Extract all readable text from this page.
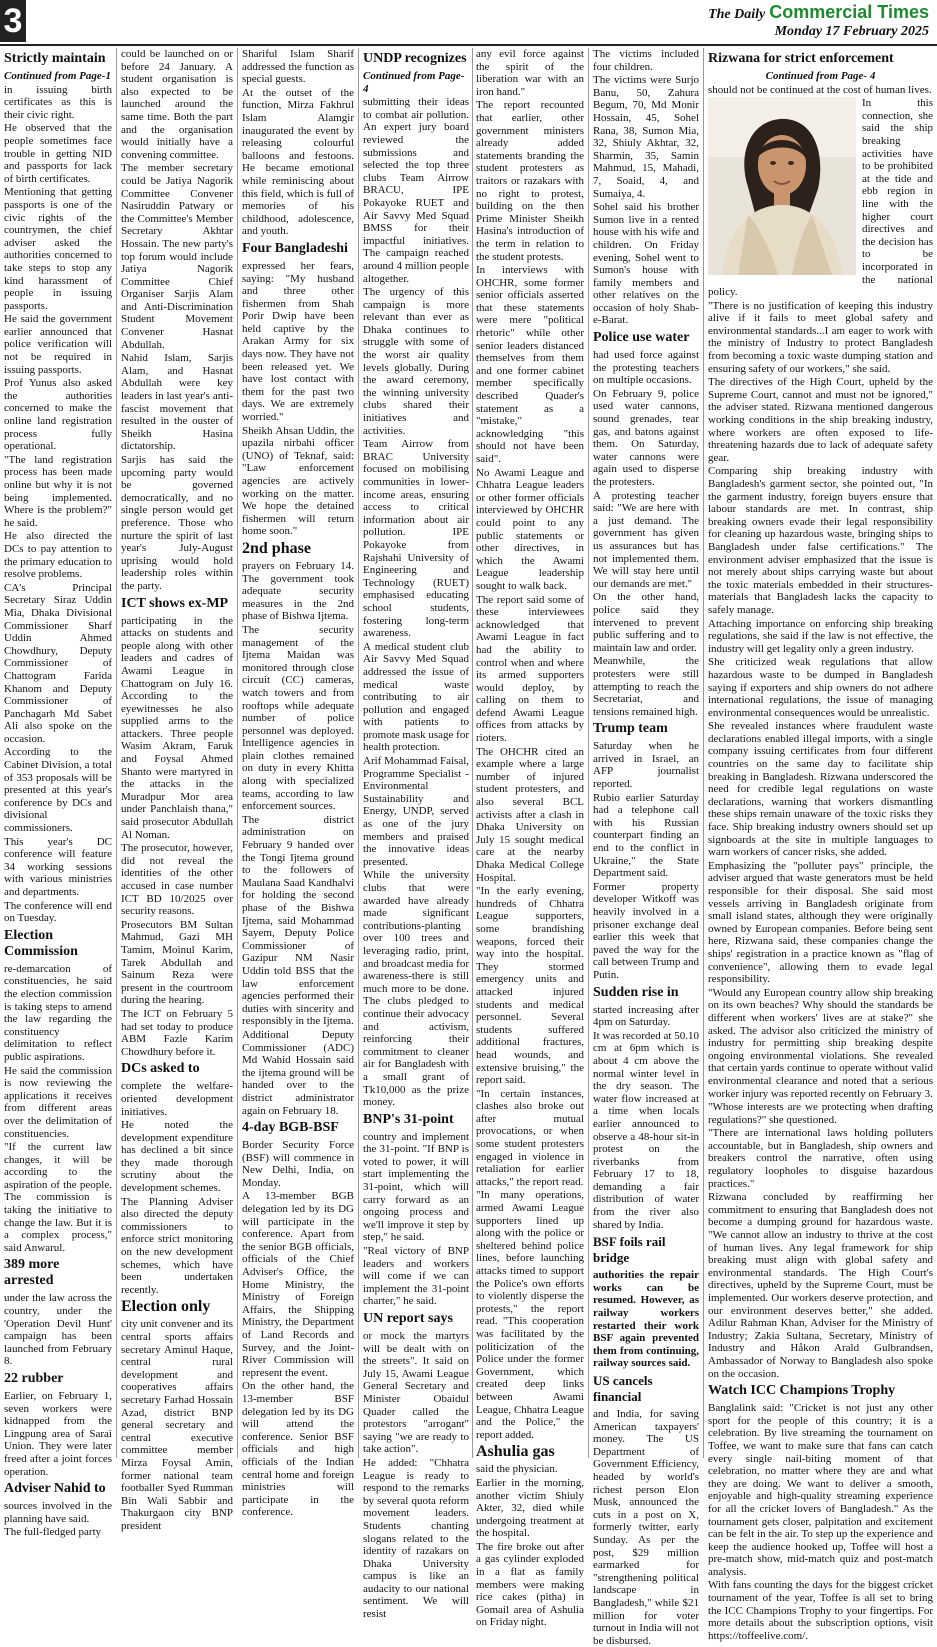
3	The Daily Commercial Times
Monday 17 February 2025
Strictly maintain

Continued from Page-1

in issuing birth certificates as this is their civic right.

He observed that the people sometimes face trouble in getting NID and passports for lack of birth certificates.

Mentioning that getting passports is one of the civic rights of the countrymen, the chief adviser asked the authorities concerned to take steps to stop any kind harassment of people in issuing passports.

He said the government earlier announced that police verification will not be required in issuing passports.

Prof Yunus also asked the authorities concerned to make the online land registration process fully operational.

"The land registration process has been made online but why it is not being implemented. Where is the problem?" he said.

He also directed the DCs to pay attention to the primary education to resolve problems.

CA's Principal Secretary Siraz Uddin Mia, Dhaka Divisional Commissioner Sharf Uddin Ahmed Chowdhury, Deputy Commissioner of Chattogram Farida Khanom and Deputy Commissioner of Panchagarh Md Sabet Ali also spoke on the occasion.

According to the Cabinet Division, a total of 353 proposals will be presented at this year's conference by DCs and divisional commissioners.

This year's DC conference will feature 34 working sessions with various ministries and departments.

The conference will end on Tuesday.

Election Commission

re-demarcation of constituencies, he said the election commission is taking steps to amend the law regarding the constituency delimitation to reflect public aspirations.

He said the commission is now reviewing the applications it receives from different areas over the delimitation of constituencies.

"If the current law changes, it will be according to the aspiration of the people. The commission is taking the initiative to change the law. But it is a complex process," said Anwarul.

389 more arrested

under the law across the country, under the 'Operation Devil Hunt' campaign has been launched from February 8.

22 rubber

Earlier, on February 1, seven workers were kidnapped from the Lingpung area of Sarai Union. They were later freed after a joint forces operation.

Adviser Nahid to

sources involved in the planning have said.

The full-fledged party

could be launched on or before 24 January. A student organisation is also expected to be launched around the same time. Both the part and the organisation would initially have a convening committee.

The member secretary could be Jatiya Nagorik Committee Convener Nasiruddin Patwary or the Committee's Member Secretary Akhtar Hossain. The new party's top forum would include Jatiya Nagorik Committee Chief Organiser Sarjis Alam and Anti-Discrimination Student Movement Convener Hasnat Abdullah.

Nahid Islam, Sarjis Alam, and Hasnat Abdullah were key leaders in last year's anti-fascist movement that resulted in the ouster of Sheikh Hasina dictatorship.

Sarjis has said the upcoming party would be governed democratically, and no single person would get preference. Those who nurture the spirit of last year's July-August uprising would hold leadership roles within the party.

ICT shows ex-MP

participating in the attacks on students and people along with other leaders and cadres of Awami League in Chattogram on July 16. According to the eyewitnesses he also supplied arms to the attackers. Three people Wasim Akram, Faruk and Foysal Ahmed Shanto were martyred in the attacks in the Muradpur Mor area under Panchlaish thana," said prosecutor Abdullah Al Noman.

The prosecutor, however, did not reveal the identities of the other accused in case number ICT BD 10/2025 over security reasons.

Prosecutors BM Sultan Mahmud, Gazi MH Tamim, Moinul Karim, Tarek Abdullah and Sainum Reza were present in the courtroom during the hearing.

The ICT on February 5 had set today to produce ABM Fazle Karim Chowdhury before it.

DCs asked to

complete the welfare-oriented development initiatives.

He noted the development expenditure has declined a bit since they made thorough scrutiny about the development schemes.

The Planning Adviser also directed the deputy commissioners to enforce strict monitoring on the new development schemes, which have been undertaken recently.

Election only

city unit convener and its central sports affairs secretary Aminul Haque, central rural development and cooperatives affairs secretary Farhad Hossain Azad, district BNP general secretary and central executive committee member Mirza Foysal Amin, former national team footballer Syed Rumman Bin Wali Sabbir and Thakurgaon city BNP president

Shariful Islam Sharif addressed the function as special guests.

At the outset of the function, Mirza Fakhrul Islam Alamgir inaugurated the event by releasing colourful balloons and festoons. He became emotional while reminiscing about this field, which is full of memories of his childhood, adolescence, and youth.

Four Bangladeshi

expressed her fears, saying: "My husband and three other fishermen from Shah Porir Dwip have been held captive by the Arakan Army for six days now. They have not been released yet. We have lost contact with them for the past two days. We are extremely worried."

Sheikh Ahsan Uddin, the upazila nirbahi officer (UNO) of Teknaf, said: "Law enforcement agencies are actively working on the matter. We hope the detained fishermen will return home soon."

2nd phase

prayers on February 14. The government took adequate security measures in the 2nd phase of Bishwa Ijtema.

The security management of the Ijtema Maidan was monitored through close circuit (CC) cameras, watch towers and from rooftops while adequate number of police personnel was deployed. Intelligence agencies in plain clothes remained on duty in every Khitta along with specialized teams, according to law enforcement sources.

The district administration on February 9 handed over the Tongi Ijtema ground to the followers of Maulana Saad Kandhalvi for holding the second phase of the Bishwa Ijtema, said Mohammad Sayem, Deputy Police Commissioner of Gazipur NM Nasir Uddin told BSS that the law enforcement agencies performed their duties with sincerity and responsibly in the Ijtema.

Additional Deputy Commissioner (ADC) Md Wahid Hossain said the ijtema ground will be handed over to the district administrator again on February 18.

4-day BGB-BSF

Border Security Force (BSF) will commence in New Delhi, India, on Monday.

A 13-member BGB delegation led by its DG will participate in the conference. Apart from the senior BGB officials, officials of the Chief Adviser's Office, the Home Ministry, the Ministry of Foreign Affairs, the Shipping Ministry, the Department of Land Records and Survey, and the Joint-River Commission will represent the event.

On the other hand, the 13-member BSF delegation led by its DG will attend the conference. Senior BSF officials and high officials of the Indian central home and foreign ministries will participate in the conference.

UNDP recognizes

Continued from Page- 4

submitting their ideas to combat air pollution. An expert jury board reviewed the submissions and selected the top three clubs Team Airrow BRACU, IPE Pokayoke RUET and Air Savvy Med Squad BMSS for their impactful initiatives. The campaign reached around 4 million people altogether.

The urgency of this campaign is more relevant than ever as Dhaka continues to struggle with some of the worst air quality levels globally. During the award ceremony, the winning university clubs shared their initiatives and activities.

Team Airrow from BRAC University focused on mobilising communities in lower-income areas, ensuring access to critical information about air pollution. IPE Pokayoke from Rajshahi University of Engineering and Technology (RUET) emphasised educating school students, fostering long-term awareness.

A medical student club Air Savvy Med Squad addressed the issue of medical waste contributing to air pollution and engaged with patients to promote mask usage for health protection.

Arif Mohammad Faisal, Programme Specialist - Environmental Sustainability and Energy, UNDP, served as one of the jury members and praised the innovative ideas presented.

While the university clubs that were awarded have already made significant contributions-planting over 100 trees and leveraging radio, print, and broadcast media for awareness-there is still much more to be done. The clubs pledged to continue their advocacy and activism, reinforcing their commitment to cleaner air for Bangladesh with a small grant of Tk10,000 as the prize money.

BNP's 31-point

country and implement the 31-point. "If BNP is voted to power, it will start implementing the 31-point, which will carry forward as an ongoing process and we'll improve it step by step," he said.

"Real victory of BNP leaders and workers will come if we can implement the 31-point charter," he said.

UN report says

or mock the martyrs will be dealt with on the streets". It said on July 15, Awami League General Secretary and Minister Obaidul Quader called the protestors "arrogant" saying "we are ready to take action".

He added: "Chhatra League is ready to respond to the remarks by several quota reform movement leaders. Students chanting slogans related to the identity of razakars on Dhaka University campus is like an audacity to our national sentiment. We will resist

any evil force against the spirit of the liberation war with an iron hand."

The report recounted that earlier, other government ministers already added statements branding the student protesters as traitors or razakars with no right to protest, building on the then Prime Minister Sheikh Hasina's introduction of the term in relation to the student protests.

In interviews with OHCHR, some former senior officials asserted that these statements were mere "political rhetoric" while other senior leaders distanced themselves from them and one former cabinet member specifically described Quader's statement as a "mistake," acknowledging "this should not have been said".

No Awami League and Chhatra League leaders or other former officials interviewed by OHCHR could point to any public statements or other directives, in which the Awami League leadership sought to walk back.

The report said some of these interviewees acknowledged that Awami League in fact had the ability to control when and where its armed supporters would deploy, by calling on them to defend Awami League offices from attacks by rioters.

The OHCHR cited an example where a large number of injured student protesters, and also several BCL activists after a clash in Dhaka University on July 15 sought medical care at the nearby Dhaka Medical College Hospital.

"In the early evening, hundreds of Chhatra League supporters, some brandishing weapons, forced their way into the hospital. They stormed emergency units and attacked injured students and medical personnel. Several students suffered additional fractures, head wounds, and extensive bruising," the report said.

"In certain instances, clashes also broke out after mutual provocations, or when some student protesters engaged in violence in retaliation for earlier attacks," the report read.

"In many operations, armed Awami League supporters lined up along with the police or sheltered behind police lines, before launching attacks timed to support the Police's own efforts to violently disperse the protests," the report read. "This cooperation was facilitated by the politicization of the Police under the former Government, which created deep links between Awami League, Chhatra League and the Police," the report added.

Ashulia gas

said the physician.

Earlier in the morning, another victim Shiuly Akter, 32, died while undergoing treatment at the hospital.

The fire broke out after a gas cylinder exploded in a flat as family members were making rice cakes (pitha) in Gomail area of Ashulia on Friday night.

The victims included four children.

The victims were Surjo Banu, 50, Zahura Begum, 70, Md Monir Hossain, 45, Sohel Rana, 38, Sumon Mia, 32, Shiuly Akhtar, 32, Sharmin, 35, Samin Mahmud, 15, Mahadi, 7, Soaid, 4, and Sumaiya, 4.

Sohel said his brother Sumon live in a rented house with his wife and children. On Friday evening, Sohel went to Sumon's house with family members and other relatives on the occasion of holy Shab-e-Barat.

Police use water

had used force against the protesting teachers on multiple occasions.

On February 9, police used water cannons, sound grenades, tear gas, and batons against them. On Saturday, water cannons were again used to disperse the protesters.

A protesting teacher said: "We are here with a just demand. The government has given us assurances but has not implemented them. We will stay here until our demands are met."

On the other hand, police said they intervened to prevent public suffering and to maintain law and order.

Meanwhile, the protesters were still attempting to reach the Secretariat, and tensions remained high.

Trump team

Saturday when he arrived in Israel, an AFP journalist reported.

Rubio earlier Saturday had a telephone call with his Russian counterpart finding an end to the conflict in Ukraine," the State Department said.

Former property developer Witkoff was heavily involved in a prisoner exchange deal earlier this week that paved the way for the call between Trump and Putin.

Sudden rise in

started increasing after 4pm on Saturday.

It was recorded at 50.10 cm at 6pm which is about 4 cm above the normal winter level in the dry season. The water flow increased at a time when locals earlier announced to observe a 48-hour sit-in protest on the riverbanks from February 17 to 18, demanding a fair distribution of water from the river also shared by India.

BSF foils rail bridge

authorities the repair works can be resumed. However, as railway workers restarted their work BSF again prevented them from continuing, railway sources said.

US cancels financial

and India, for saving American taxpayers' money. The US Department of Government Efficiency, headed by world's richest person Elon Musk, announced the cuts in a post on X, formerly twitter, early Sunday. As per the post, $29 million earmarked for "strengthening political landscape in Bangladesh," while $21 million for voter turnout in India will not be disbursed.

Rizwana for strict enforcement

Continued from Page- 4

should not be continued at the cost of human lives.

In this connection, she said the ship breaking activities have to be prohibited at the tide and ebb region in line with the higher court directives and the decision has to be incorporated in the national policy.

"There is no justification of keeping this industry alive if it fails to meet global safety and environmental standards...I am eager to work with the ministry of Industry to protect Bangladesh from becoming a toxic waste dumping station and ensuring safety of our workers," she said.

The directives of the High Court, upheld by the Supreme Court, cannot and must not be ignored," the adviser stated. Rizwana mentioned dangerous working conditions in the ship breaking industry, where workers are often exposed to life-threatening hazards due to lack of adequate safety gear.

Comparing ship breaking industry with Bangladesh's garment sector, she pointed out, "In the garment industry, foreign buyers ensure that labour standards are met. In contrast, ship breaking owners evade their legal responsibility for cleaning up hazardous waste, bringing ships to Bangladesh under false certifications." The environment adviser emphasized that the issue is not merely about ships carrying waste but about the toxic materials embedded in their structures-materials that Bangladesh lacks the capacity to safely manage.

Attaching importance on enforcing ship breaking regulations, she said if the law is not effective, the industry will get legality only a green industry.

She criticized weak regulations that allow hazardous waste to be dumped in Bangladesh saying if exporters and ship owners do not adhere international regulations, the issue of managing environmental consequences would be unrealistic.

She revealed instances where fraudulent waste declarations enabled illegal imports, with a single company issuing certificates from four different countries on the same day to facilitate ship breaking in Bangladesh. Rizwana underscored the need for credible legal regulations on waste declarations, warning that workers dismantling these ships remain unaware of the toxic risks they face. Ship breaking industry owners should set up signboards at the site in multiple languages to warn workers of cancer risks, she added.

Emphasizing the "polluter pays" principle, the adviser argued that waste generators must be held responsible for their disposal. She said most vessels arriving in Bangladesh originate from small island states, although they were originally owned by European companies. Before being sent here, Rizwana said, these companies change the ships' registration in a practice known as "flag of convenience", allowing them to evade legal responsibility.

"Would any European country allow ship breaking on its own beaches? Why should the standards be different when workers' lives are at stake?" she asked. The advisor also criticized the ministry of industry for permitting ship breaking despite ongoing environmental violations. She revealed that certain yards continue to operate without valid environmental clearance and noted that a serious worker injury was reported recently on February 3.

"Whose interests are we protecting when drafting regulations?" she questioned.

"There are international laws holding polluters accountable, but in Bangladesh, ship owners and breakers control the narrative, often using regulatory loopholes to disguise hazardous practices."

Rizwana concluded by reaffirming her commitment to ensuring that Bangladesh does not become a dumping ground for hazardous waste. "We cannot allow an industry to thrive at the cost of human lives. Any legal framework for ship breaking must align with global safety and environmental standards. The High Court's directives, upheld by the Supreme Court, must be implemented. Our workers deserve protection, and our environment deserves better," she added. Adilur Rahman Khan, Adviser for the Ministry of Industry; Zakia Sultana, Secretary, Ministry of Industry and Håkon Arald Gulbrandsen, Ambassador of Norway to Bangladesh also spoke on the occasion.

Watch ICC Champions Trophy

Banglalink said: "Cricket is not just any other sport for the people of this country; it is a celebration. By live streaming the tournament on Toffee, we want to make sure that fans can catch every single nail-biting moment of that celebration, no matter where they are and what they are doing. We want to deliver a smooth, enjoyable and high-quality streaming experience for all the cricket lovers of Bangladesh." As the tournament gets closer, palpitation and excitement can be felt in the air. To step up the experience and keep the audience hooked up, Toffee will host a pre-match show, mid-match quiz and post-match analysis.

With fans counting the days for the biggest cricket tournament of the year, Toffee is all set to bring the ICC Champions Trophy to your fingertips. For more details about the subscription options, visit https://toffeelive.com/.
